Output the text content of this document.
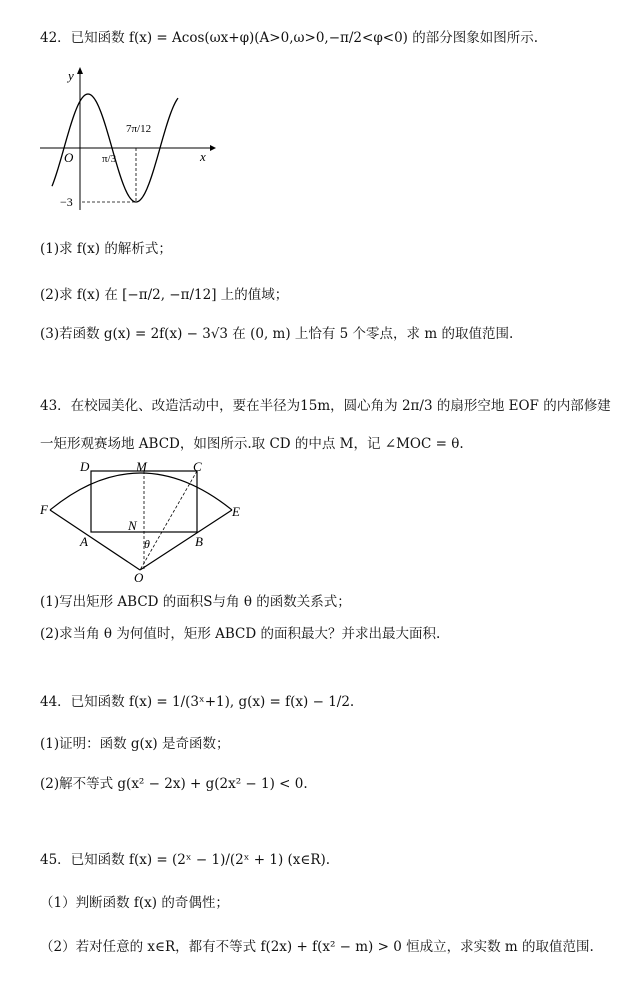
42．已知函数 f(x) = Acos(ωx+φ)(A>0,ω>0,−π/2<φ<0) 的部分图象如图所示.
y
x
O	π/3
7π/12
−3
(1)求 f(x) 的解析式；
(2)求 f(x) 在 [−π/2, −π/12] 上的值域；
(3)若函数 g(x) = 2f(x) − 3√3 在 (0, m) 上恰有 5 个零点，求 m 的取值范围.
43．在校园美化、改造活动中，要在半径为15m，圆心角为 2π/3 的扇形空地 EOF 的内部修建
一矩形观赛场地 ABCD，如图所示.取 CD 的中点 M，记 ∠MOC = θ.
D	M	C
F	E
N
A	B
O
θ
(1)写出矩形 ABCD 的面积S与角 θ 的函数关系式；
(2)求当角 θ 为何值时，矩形 ABCD 的面积最大？并求出最大面积.
44．已知函数 f(x) = 1/(3ˣ+1), g(x) = f(x) − 1/2.
(1)证明：函数 g(x) 是奇函数；
(2)解不等式 g(x² − 2x) + g(2x² − 1) < 0.
45．已知函数 f(x) = (2ˣ − 1)/(2ˣ + 1) (x∈R).
（1）判断函数 f(x) 的奇偶性；
（2）若对任意的 x∈R，都有不等式 f(2x) + f(x² − m) > 0 恒成立，求实数 m 的取值范围.
